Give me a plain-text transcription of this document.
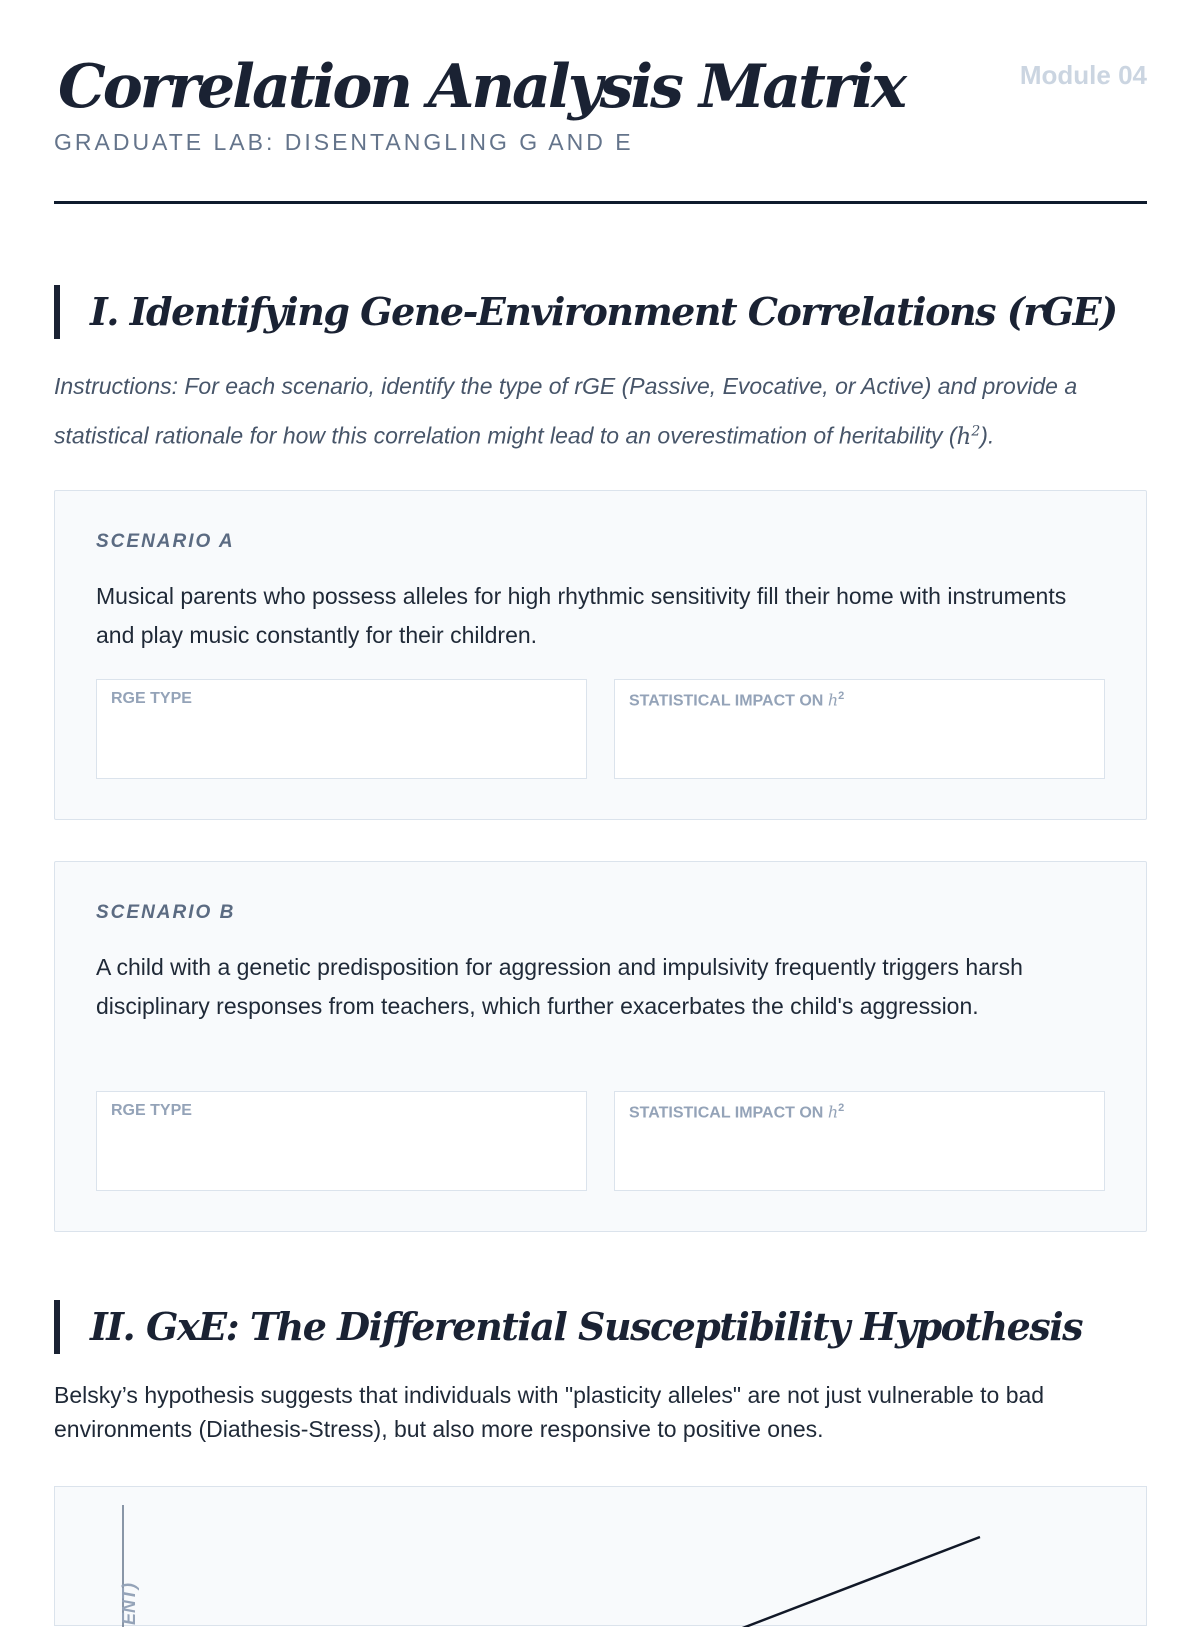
Correlation Analysis Matrix
GRADUATE LAB: DISENTANGLING G AND E
Module 04
I. Identifying Gene-Environment Correlations (rGE)
Instructions: For each scenario, identify the type of rGE (Passive, Evocative, or Active) and provide a statistical rationale for how this correlation might lead to an overestimation of heritability $(h^2)$.
SCENARIO A
Musical parents who possess alleles for high rhythmic sensitivity fill their home with instruments and play music constantly for their children.
RGE TYPE	STATISTICAL IMPACT ON $h^2$
SCENARIO B
A child with a genetic predisposition for aggression and impulsivity frequently triggers harsh disciplinary responses from teachers, which further exacerbates the child's aggression.
RGE TYPE	STATISTICAL IMPACT ON $h^2$
II. GxE: The Differential Susceptibility Hypothesis
Belsky’s hypothesis suggests that individuals with "plasticity alleles" are not just vulnerable to bad environments (Diathesis-Stress), but also more responsive to positive ones.
ENT)
